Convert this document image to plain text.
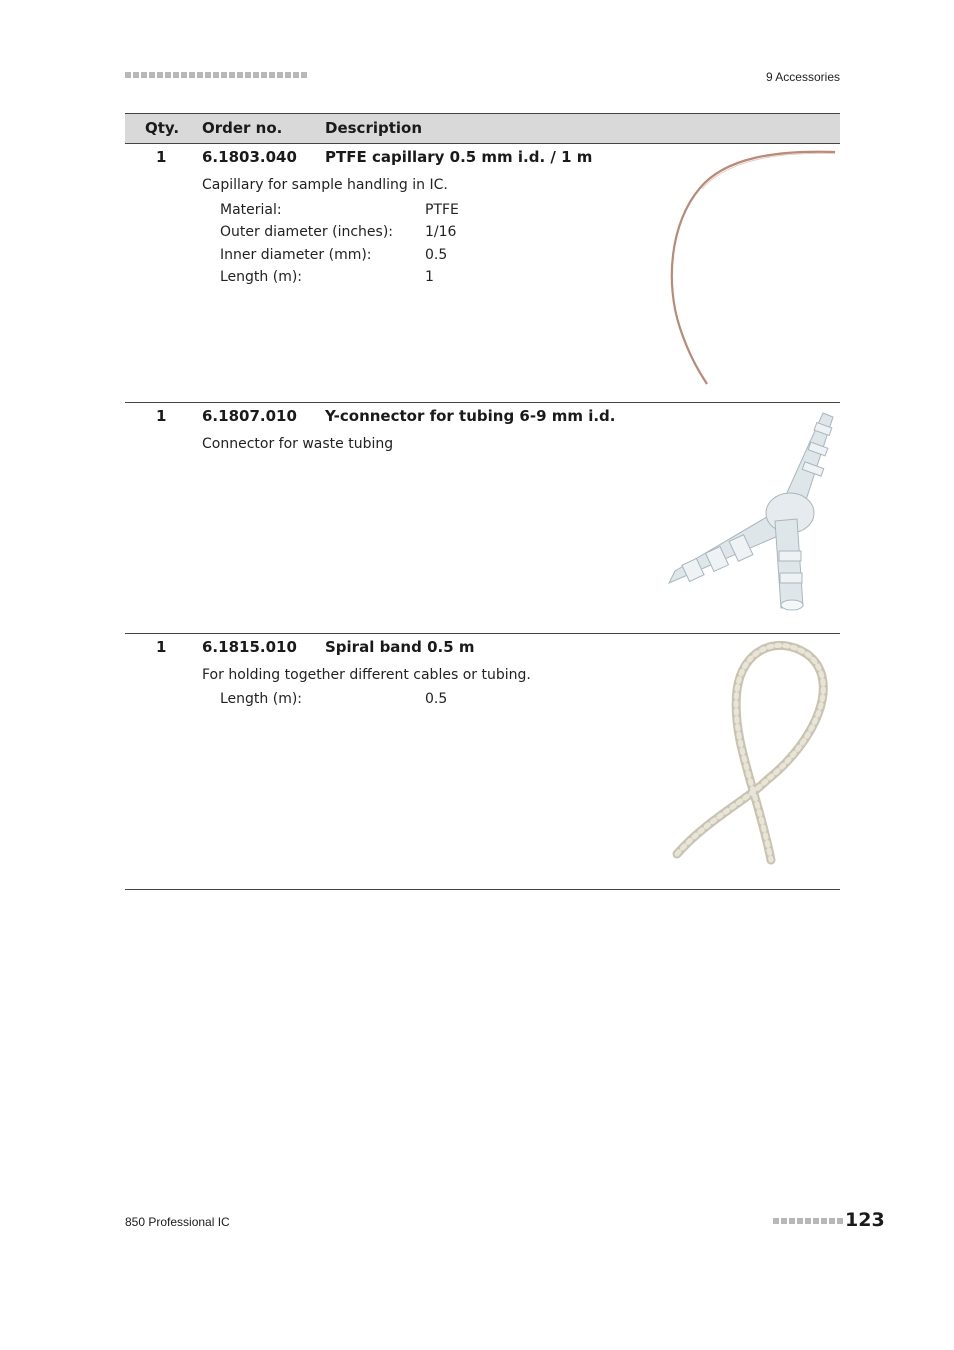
9 Accessories
Qty. Order no.	Description
1 6.1803.040 PTFE capillary 0.5 mm i.d. / 1 m
Capillary for sample handling in IC.
Material:	PTFE
Outer diameter (inches): 1/16
Inner diameter (mm):	0.5
Length (m):	1
1 6.1807.010 Y-connector for tubing 6-9 mm i.d.
Connector for waste tubing
1 6.1815.010 Spiral band 0.5 m
For holding together different cables or tubing.
Length (m):	0.5
850 Professional IC	123
